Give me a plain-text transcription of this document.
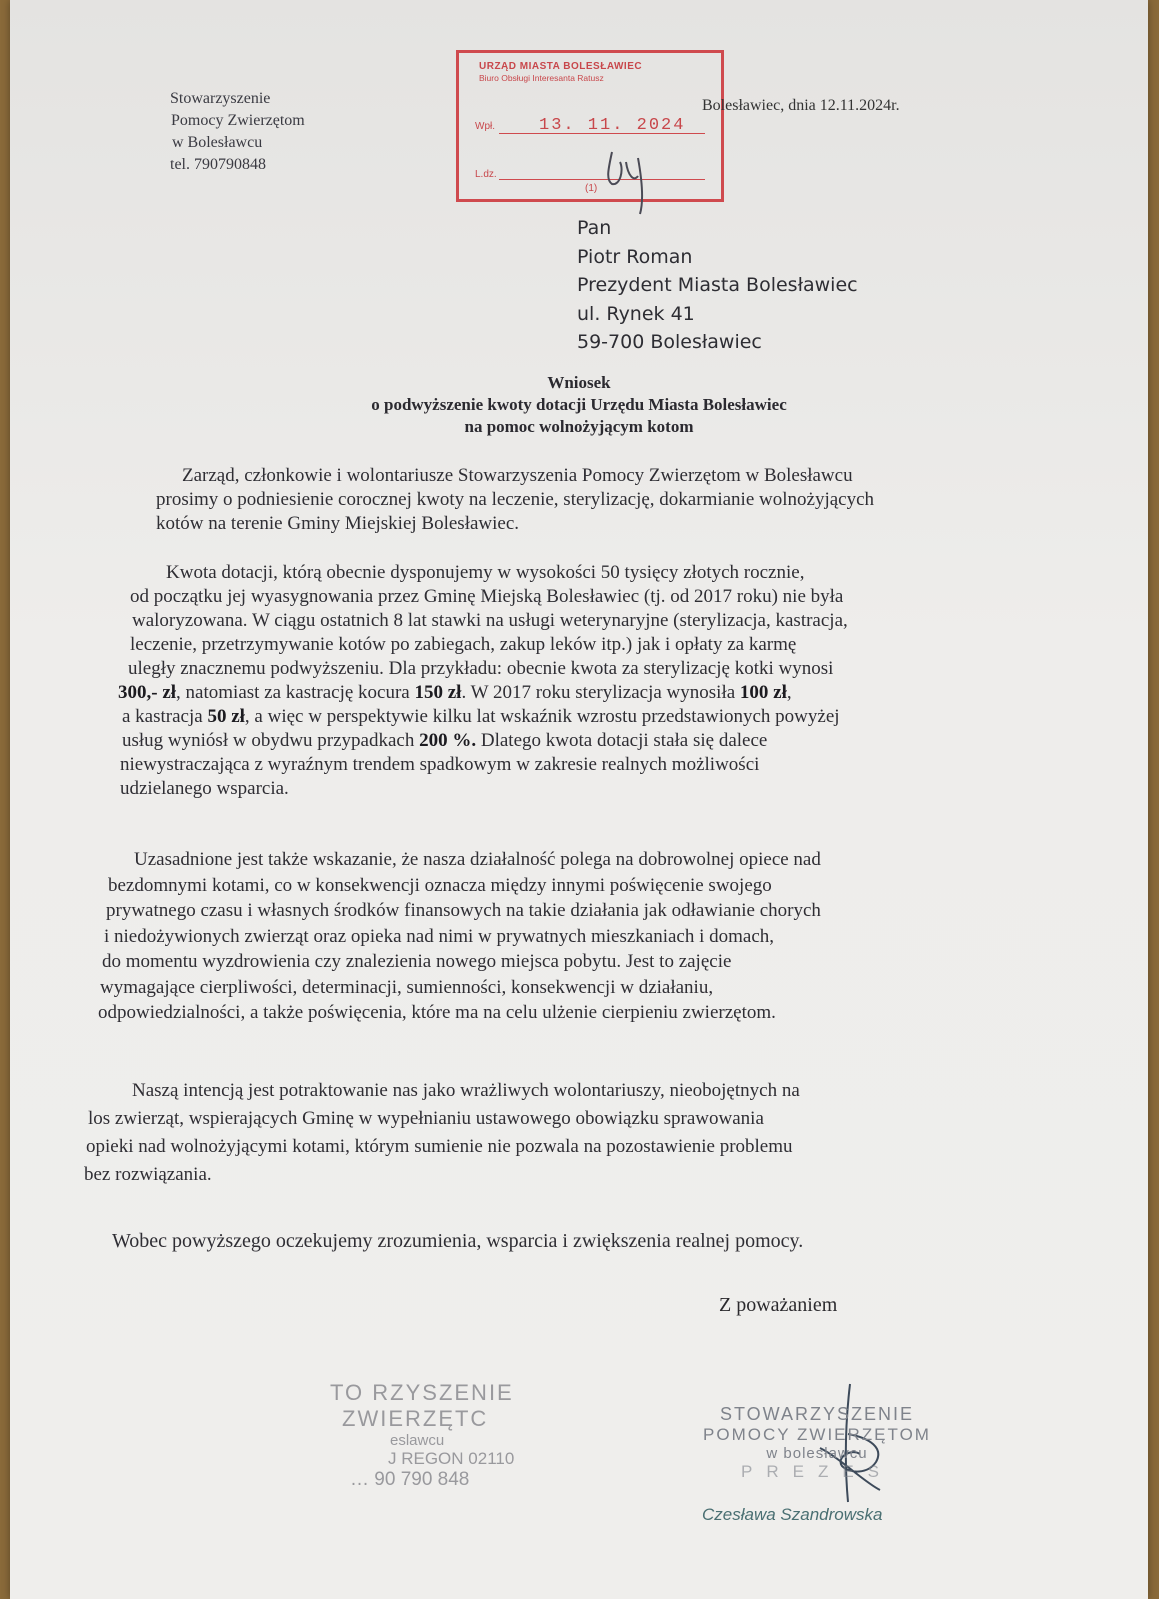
Stowarzyszenie
Pomocy Zwierzętom
w Bolesławcu
tel. 790790848
URZĄD MIASTA BOLESŁAWIEC
Biuro Obsługi Interesanta Ratusz
Wpł.	13. 11. 2024
L.dz.
(1)
Bolesławiec, dnia 12.11.2024r.
Pan
Piotr Roman
Prezydent Miasta Bolesławiec
ul. Rynek 41
59-700 Bolesławiec
Wniosek
o podwyższenie kwoty dotacji Urzędu Miasta Bolesławiec
na pomoc wolnożyjącym kotom
Zarząd, członkowie i wolontariusze Stowarzyszenia Pomocy Zwierzętom w Bolesławcu
prosimy o podniesienie corocznej kwoty na leczenie, sterylizację, dokarmianie wolnożyjących
kotów na terenie Gminy Miejskiej Bolesławiec.
Kwota dotacji, którą obecnie dysponujemy w wysokości 50 tysięcy złotych rocznie,
od początku jej wyasygnowania przez Gminę Miejską Bolesławiec (tj. od 2017 roku) nie była
waloryzowana. W ciągu ostatnich 8 lat stawki na usługi weterynaryjne (sterylizacja, kastracja,
leczenie, przetrzymywanie kotów po zabiegach, zakup leków itp.) jak i opłaty za karmę
uległy znacznemu podwyższeniu. Dla przykładu: obecnie kwota za sterylizację kotki wynosi
300,- zł, natomiast za kastrację kocura 150 zł. W 2017 roku sterylizacja wynosiła 100 zł,
a kastracja 50 zł, a więc w perspektywie kilku lat wskaźnik wzrostu przedstawionych powyżej
usług wyniósł w obydwu przypadkach 200 %. Dlatego kwota dotacji stała się dalece
niewystraczająca z wyraźnym trendem spadkowym w zakresie realnych możliwości
udzielanego wsparcia.
Uzasadnione jest także wskazanie, że nasza działalność polega na dobrowolnej opiece nad
bezdomnymi kotami, co w konsekwencji oznacza między innymi poświęcenie swojego
prywatnego czasu i własnych środków finansowych na takie działania jak odławianie chorych
i niedożywionych zwierząt oraz opieka nad nimi w prywatnych mieszkaniach i domach,
do momentu wyzdrowienia czy znalezienia nowego miejsca pobytu. Jest to zajęcie
wymagające cierpliwości, determinacji, sumienności, konsekwencji w działaniu,
odpowiedzialności, a także poświęcenia, które ma na celu ulżenie cierpieniu zwierzętom.
Naszą intencją jest potraktowanie nas jako wrażliwych wolontariuszy, nieobojętnych na
los zwierząt, wspierających Gminę w wypełnianiu ustawowego obowiązku sprawowania
opieki nad wolnożyjącymi kotami, którym sumienie nie pozwala na pozostawienie problemu
bez rozwiązania.
Wobec powyższego oczekujemy zrozumienia, wsparcia i zwiększenia realnej pomocy.
Z poważaniem
TO RZYSZENIE
ZWIERZĘTC
eslawcu
J REGON 02110
… 90 790 848
STOWARZYSZENIE
POMOCY ZWIERZĘTOM
w bolesławcu
PREZES
Czesława Szandrowska
